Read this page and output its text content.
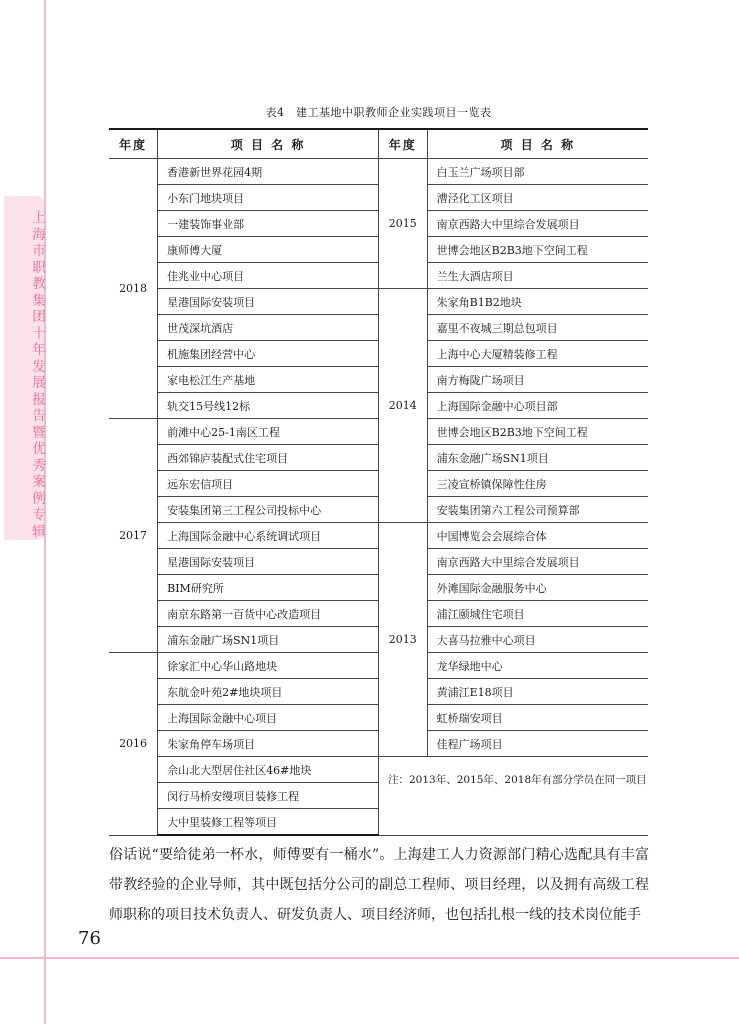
上海市职教集团十年发展报告暨优秀案例专辑
表4　建工基地中职教师企业实践项目一览表
年度	项 目 名 称	年度	项 目 名 称
2018	香港新世界花园4期	2015	白玉兰广场项目部
	小东门地块项目		漕泾化工区项目
	一建装饰事业部		南京西路大中里综合发展项目
	康师傅大厦		世博会地区B2B3地下空间工程
	佳兆业中心项目		兰生大酒店项目
	星港国际安装项目	2014	朱家角B1B2地块
	世茂深坑酒店		嘉里不夜城三期总包项目
	机施集团经营中心		上海中心大厦精装修工程
	家电松江生产基地		南方梅陇广场项目
	轨交15号线12标		上海国际金融中心项目部
2017	前滩中心25-1南区工程		世博会地区B2B3地下空间工程
	西郊锦庐装配式住宅项目		浦东金融广场SN1项目
	远东宏信项目		三凌宣桥镇保障性住房
	安装集团第三工程公司投标中心		安装集团第六工程公司预算部
	上海国际金融中心系统调试项目	2013	中国博览会会展综合体
	星港国际安装项目		南京西路大中里综合发展项目
	BIM研究所		外滩国际金融服务中心
	南京东路第一百货中心改造项目		浦江颐城住宅项目
	浦东金融广场SN1项目		大喜马拉雅中心项目
2016	徐家汇中心华山路地块		龙华绿地中心
	东航金叶苑2#地块项目		黄浦江E18项目
	上海国际金融中心项目		虹桥瑞安项目
	朱家角停车场项目		佳程广场项目
	佘山北大型居住社区46#地块	注：2013年、2015年、2018年有部分学员在同一项目	
	闵行马桥安缦项目装修工程		
	大中里装修工程等项目		
俗话说“要给徒弟一杯水，师傅要有一桶水”。上海建工人力资源部门精心选配具有丰富带教经验的企业导师，其中既包括分公司的副总工程师、项目经理，以及拥有高级工程师职称的项目技术负责人、研发负责人、项目经济师，也包括扎根一线的技术岗位能手
76
